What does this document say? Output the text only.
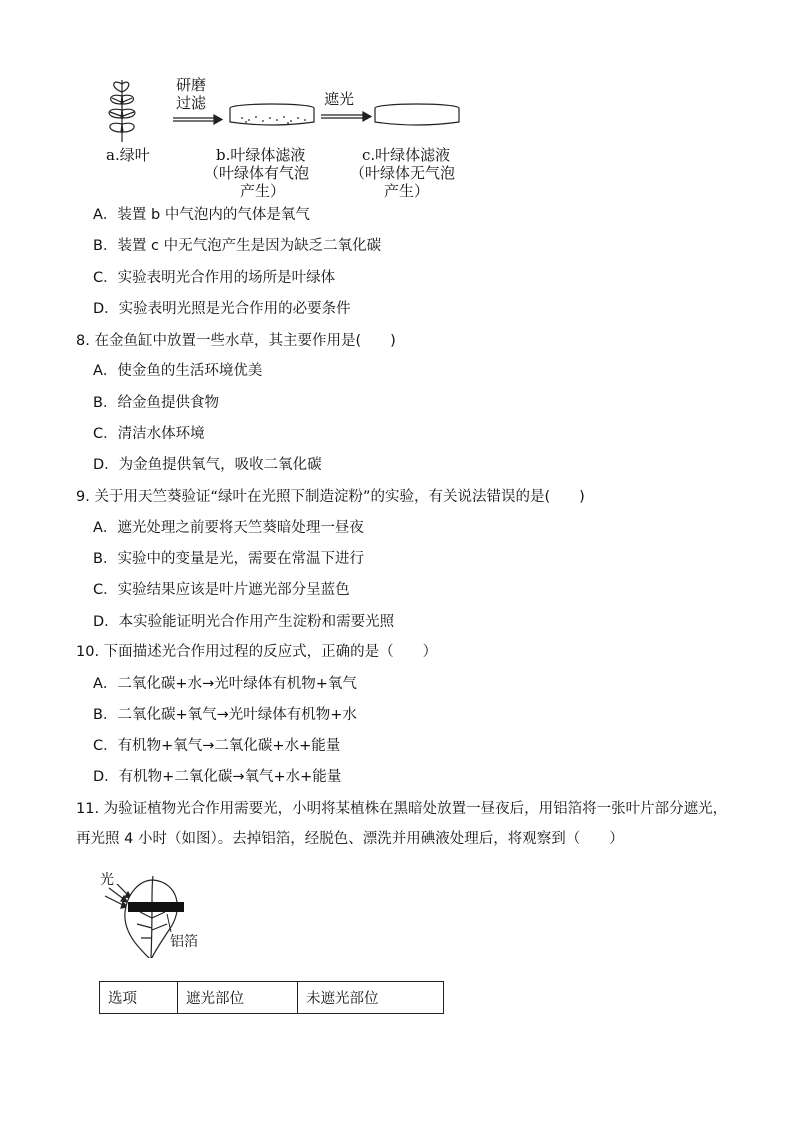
研磨
过滤	遮光
a.绿叶	b.叶绿体滤液
（叶绿体有气泡
产生）
c.叶绿体滤液
（叶绿体无气泡
产生）
A．装置 b 中气泡内的气体是氧气
B．装置 c 中无气泡产生是因为缺乏二氧化碳
C．实验表明光合作用的场所是叶绿体
D．实验表明光照是光合作用的必要条件
8. 在金鱼缸中放置一些水草，其主要作用是(　　)
A．使金鱼的生活环境优美
B．给金鱼提供食物
C．清洁水体环境
D．为金鱼提供氧气，吸收二氧化碳
9. 关于用天竺葵验证“绿叶在光照下制造淀粉”的实验，有关说法错误的是(　　)
A．遮光处理之前要将天竺葵暗处理一昼夜
B．实验中的变量是光，需要在常温下进行
C．实验结果应该是叶片遮光部分呈蓝色
D．本实验能证明光合作用产生淀粉和需要光照
10. 下面描述光合作用过程的反应式，正确的是（　　）
A．二氧化碳+水→光叶绿体有机物+氧气
B．二氧化碳+氧气→光叶绿体有机物+水
C．有机物+氧气→二氧化碳+水+能量
D．有机物+二氧化碳→氧气+水+能量
11. 为验证植物光合作用需要光，小明将某植株在黑暗处放置一昼夜后，用铝箔将一张叶片部分遮光，
再光照 4 小时（如图）。去掉铝箔，经脱色、漂洗并用碘液处理后，将观察到（　　）
光
铝箔
选项	遮光部位	未遮光部位
